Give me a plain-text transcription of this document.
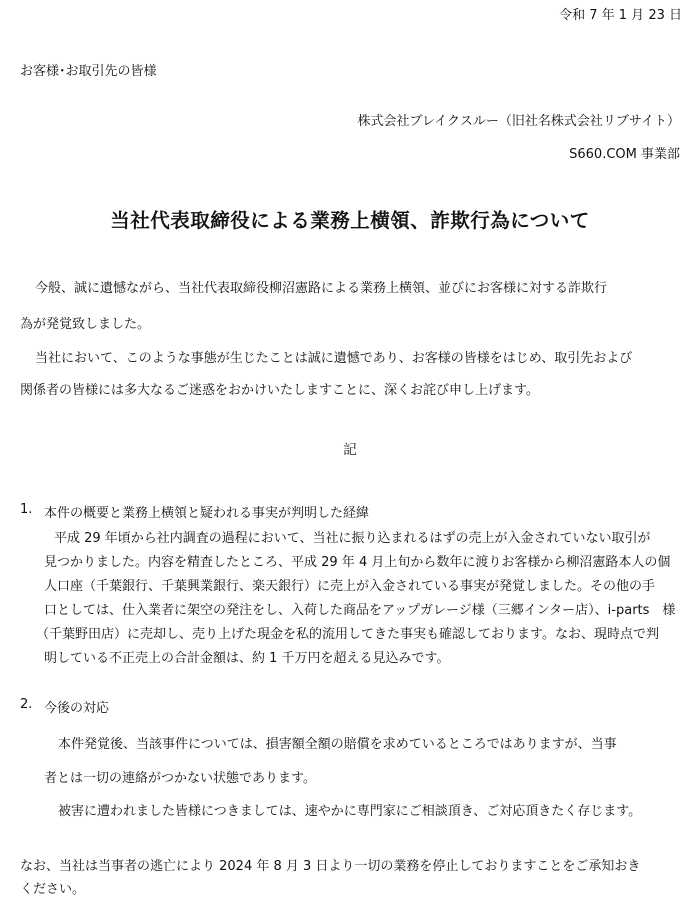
令和 7 年 1 月 23 日
お客様･お取引先の皆様
株式会社ブレイクスルー（旧社名株式会社リブサイト）
S660.COM 事業部
当社代表取締役による業務上横領、詐欺行為について
今般、誠に遺憾ながら、当社代表取締役柳沼憲路による業務上横領、並びにお客様に対する詐欺行
為が発覚致しました。
当社において、このような事態が生じたことは誠に遺憾であり、お客様の皆様をはじめ、取引先および
関係者の皆様には多大なるご迷惑をおかけいたしますことに、深くお詫び申し上げます。
記
1. 本件の概要と業務上横領と疑われる事実が判明した経緯
平成 29 年頃から社内調査の過程において、当社に振り込まれるはずの売上が入金されていない取引が
見つかりました。内容を精査したところ、平成 29 年 4 月上旬から数年に渡りお客様から柳沼憲路本人の個
人口座（千葉銀行、千葉興業銀行、楽天銀行）に売上が入金されている事実が発覚しました。その他の手
口としては、仕入業者に架空の発注をし、入荷した商品をアップガレージ様（三郷インター店）、i-parts　様
（千葉野田店）に売却し、売り上げた現金を私的流用してきた事実も確認しております。なお、現時点で判
明している不正売上の合計金額は、約 1 千万円を超える見込みです。
2. 今後の対応
本件発覚後、当該事件については、損害額全額の賠償を求めているところではありますが、当事
者とは一切の連絡がつかない状態であります。
被害に遭われました皆様につきましては、速やかに専門家にご相談頂き、ご対応頂きたく存じます。
なお、当社は当事者の逃亡により 2024 年 8 月 3 日より一切の業務を停止しておりますことをご承知おき
ください。
